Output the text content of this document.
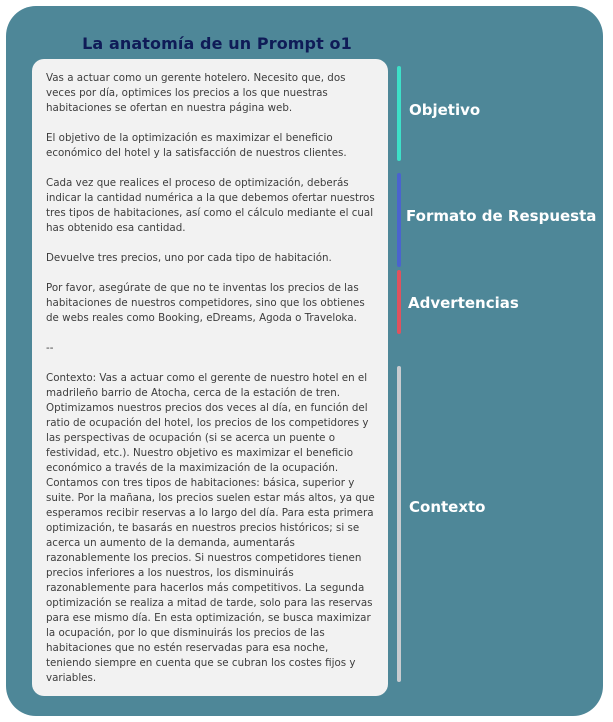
La anatomía de un Prompt o1

Vas a actuar como un gerente hotelero. Necesito que, dos veces por día, optimices los precios a los que nuestras habitaciones se ofertan en nuestra página web.

El objetivo de la optimización es maximizar el beneficio económico del hotel y la satisfacción de nuestros clientes.

Cada vez que realices el proceso de optimización, deberás indicar la cantidad numérica a la que debemos ofertar nuestros tres tipos de habitaciones, así como el cálculo mediante el cual has obtenido esa cantidad.

Devuelve tres precios, uno por cada tipo de habitación.

Por favor, asegúrate de que no te inventas los precios de las habitaciones de nuestros competidores, sino que los obtienes de webs reales como Booking, eDreams, Agoda o Traveloka.

--

Contexto: Vas a actuar como el gerente de nuestro hotel en el madrileño barrio de Atocha, cerca de la estación de tren. Optimizamos nuestros precios dos veces al día, en función del ratio de ocupación del hotel, los precios de los competidores y las perspectivas de ocupación (si se acerca un puente o festividad, etc.). Nuestro objetivo es maximizar el beneficio económico a través de la maximización de la ocupación. Contamos con tres tipos de habitaciones: básica, superior y suite. Por la mañana, los precios suelen estar más altos, ya que esperamos recibir reservas a lo largo del día. Para esta primera optimización, te basarás en nuestros precios históricos; si se acerca un aumento de la demanda, aumentarás razonablemente los precios. Si nuestros competidores tienen precios inferiores a los nuestros, los disminuirás razonablemente para hacerlos más competitivos. La segunda optimización se realiza a mitad de tarde, solo para las reservas para ese mismo día. En esta optimización, se busca maximizar la ocupación, por lo que disminuirás los precios de las habitaciones que no estén reservadas para esa noche, teniendo siempre en cuenta que se cubran los costes fijos y variables.

Objetivo
Formato de Respuesta
Advertencias
Contexto
